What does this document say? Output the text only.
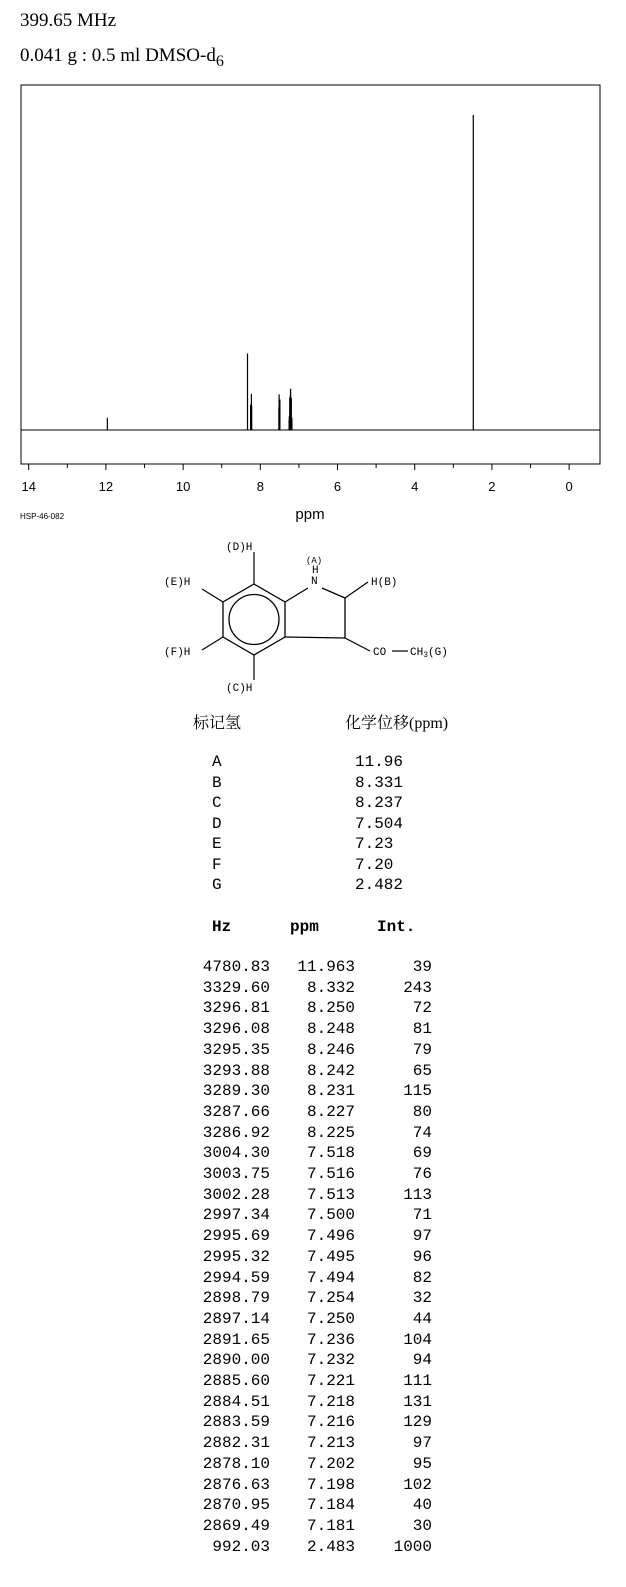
399.65 MHz
0.041 g : 0.5 ml DMSO-$d_6$
14	12	10	8	6	4	2	0
ppm
HSP-46-082
(D)H
(A)
H
N
(E)H	H(B)
(F)H	CO CH3(G)
(C)H
标记氢	化学位移(ppm)
A	11.96
B	8.331
C	8.237
D	7.504
E	7.23
F	7.20
G	2.482
Hz	ppm	Int.
4780.83	11.963	39
3329.60	8.332	243
3296.81	8.250	72
3296.08	8.248	81
3295.35	8.246	79
3293.88	8.242	65
3289.30	8.231	115
3287.66	8.227	80
3286.92	8.225	74
3004.30	7.518	69
3003.75	7.516	76
3002.28	7.513	113
2997.34	7.500	71
2995.69	7.496	97
2995.32	7.495	96
2994.59	7.494	82
2898.79	7.254	32
2897.14	7.250	44
2891.65	7.236	104
2890.00	7.232	94
2885.60	7.221	111
2884.51	7.218	131
2883.59	7.216	129
2882.31	7.213	97
2878.10	7.202	95
2876.63	7.198	102
2870.95	7.184	40
2869.49	7.181	30
992.03	2.483	1000
